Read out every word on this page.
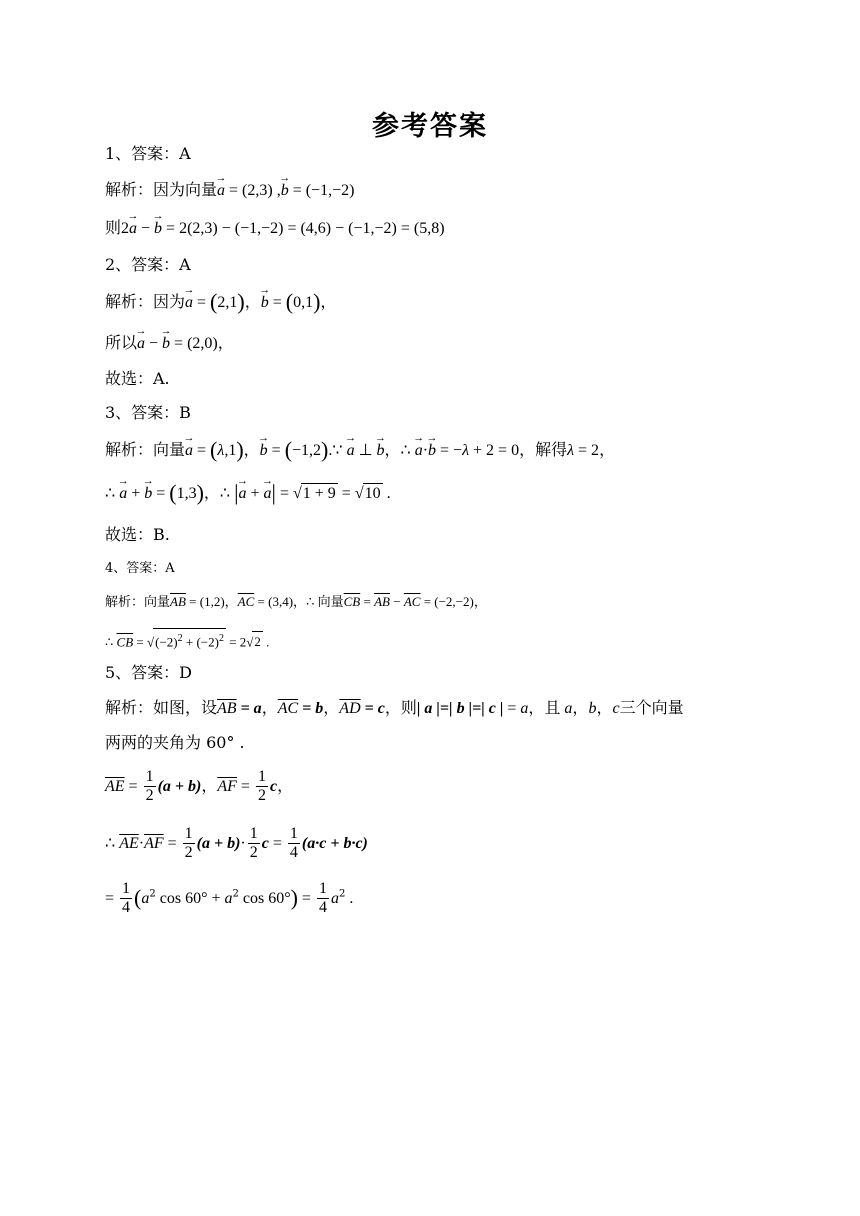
参考答案
1、答案：A
解析：因为向量→ a = (2,3) ,→ b = (−1,−2)
则2→ a − → b = 2(2,3) − (−1,−2) = (4,6) − (−1,−2) = (5,8)
2、答案：A
解析：因为→ a = (2,1)，→ b = (0,1)，
所以→ a − → b = (2,0)，
故选：A.
3、答案：B
解析：向量→ a = (λ,1)，→ b = (−1,2).∵ → a ⊥ → b，∴ → a·→ b = −λ + 2 = 0，解得λ = 2，
∴ → a + → b = (1,3)，∴ |→ a + → a| = √1 + 9 = √10 .
故选：B.
4、答案：A
解析：向量$\overline{AB} = (1,2)$，$\overline{AC} = (3,4)$，∴ 向量$\overline{CB} = \overline{AB} - \overline{AC} = (-2,-2)$，
∴ $\overline{CB} = √(-2)^2 + (-2)^2 = 2√2$ .
5、答案：D
解析：如图，设$\overline{AB} = a$，$\overline{AC} = b$，$\overline{AD} = c$，则| a |=| b |=| c | = a，且 a，b，c三个向量
两两的夹角为 60° .
$\overline{AE} = \frac{1}{2} (a + b)$，$\overline{AF} = \frac{1}{2}$ c，
∴ $\overline{AE}\cdot\overline{AF} = \frac{1}{2} (a + b)\cdot \frac{1}{2}$ $c = \frac{1}{4} (a\cdot c + b\cdot c)$
= $\frac{1}{4} (a^2$ $\cos 60^\circ + a^2$ $\cos 60^\circ) = \frac{1}{4} a^2$ .
